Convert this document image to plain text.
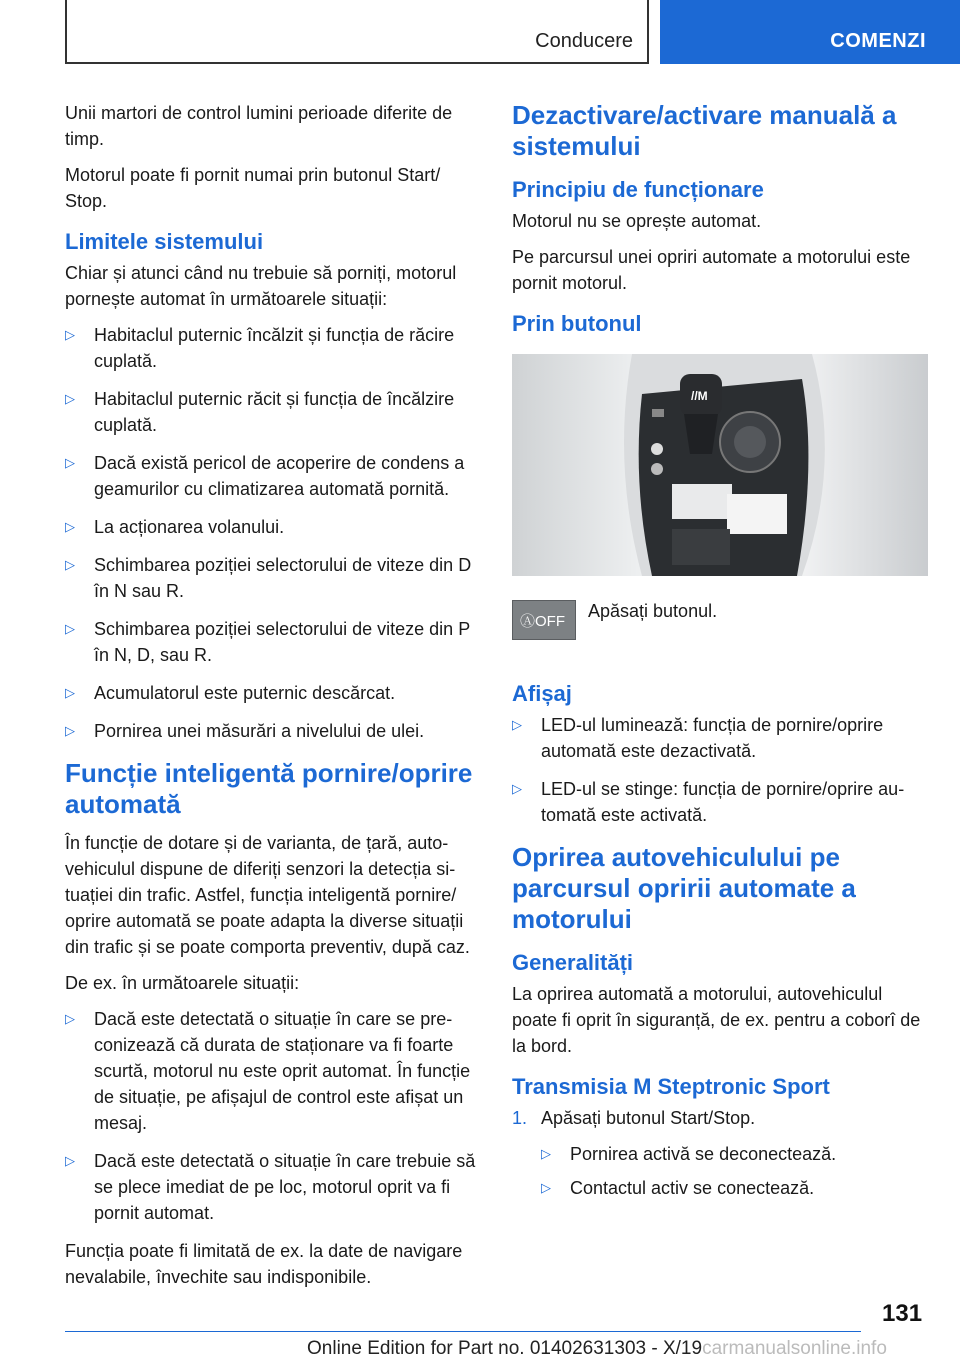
Conducere	COMENZI

Unii martori de control lumini perioade diferite de timp.

Motorul poate fi pornit numai prin butonul Start/ Stop.

Limitele sistemului

Chiar și atunci când nu trebuie să porniți, motorul pornește automat în următoarele situații:

▷ Habitaclul puternic încălzit și funcția de răcire cuplată.
▷ Habitaclul puternic răcit și funcția de încălzire cuplată.
▷ Dacă există pericol de acoperire de condens a geamurilor cu climatizarea automată pornită.
▷ La acționarea volanului.
▷ Schimbarea poziției selectorului de viteze din D în N sau R.
▷ Schimbarea poziției selectorului de viteze din P în N, D, sau R.
▷ Acumulatorul este puternic descărcat.
▷ Pornirea unei măsurări a nivelului de ulei.
Funcție inteligentă pornire/oprire automată

În funcție de dotare și de varianta, de țară, autovehiculul dispune de diferiți senzori la detecția situației din trafic. Astfel, funcția inteligentă pornire/ oprire automată se poate adapta la diverse situații din trafic și se poate comporta preventiv, după caz.

De ex. în următoarele situații:

▷ Dacă este detectată o situație în care se preconizează că durata de staționare va fi foarte scurtă, motorul nu este oprit automat. În funcție de situație, pe afișajul de control este afișat un mesaj.
▷ Dacă este detectată o situație în care trebuie să se plece imediat de pe loc, motorul oprit va fi pornit automat.

Funcția poate fi limitată de ex. la date de navigare nevalabile, învechite sau indisponibile.

Dezactivare/activare manuală a sistemului
Principiu de funcționare

Motorul nu se oprește automat.

Pe parcursul unei opriri automate a motorului este pornit motorul.

Prin butonul
//M
ⒶOFF

Apăsați butonul.

Afișaj
▷ LED-ul luminează: funcția de pornire/oprire automată este dezactivată.
▷ LED-ul se stinge: funcția de pornire/oprire automată este activată.
Oprirea autovehiculului pe parcursul opririi automate a motorului
Generalități

La oprirea automată a motorului, autovehiculul poate fi oprit în siguranță, de ex. pentru a coborî de la bord.

Transmisia M Steptronic Sport
1. Apăsați butonul Start/Stop.
▷ Pornirea activă se deconectează.
▷ Contactul activ se conectează.
131
Online Edition for Part no. 01402631303 - X/19carmanualsonline.info
